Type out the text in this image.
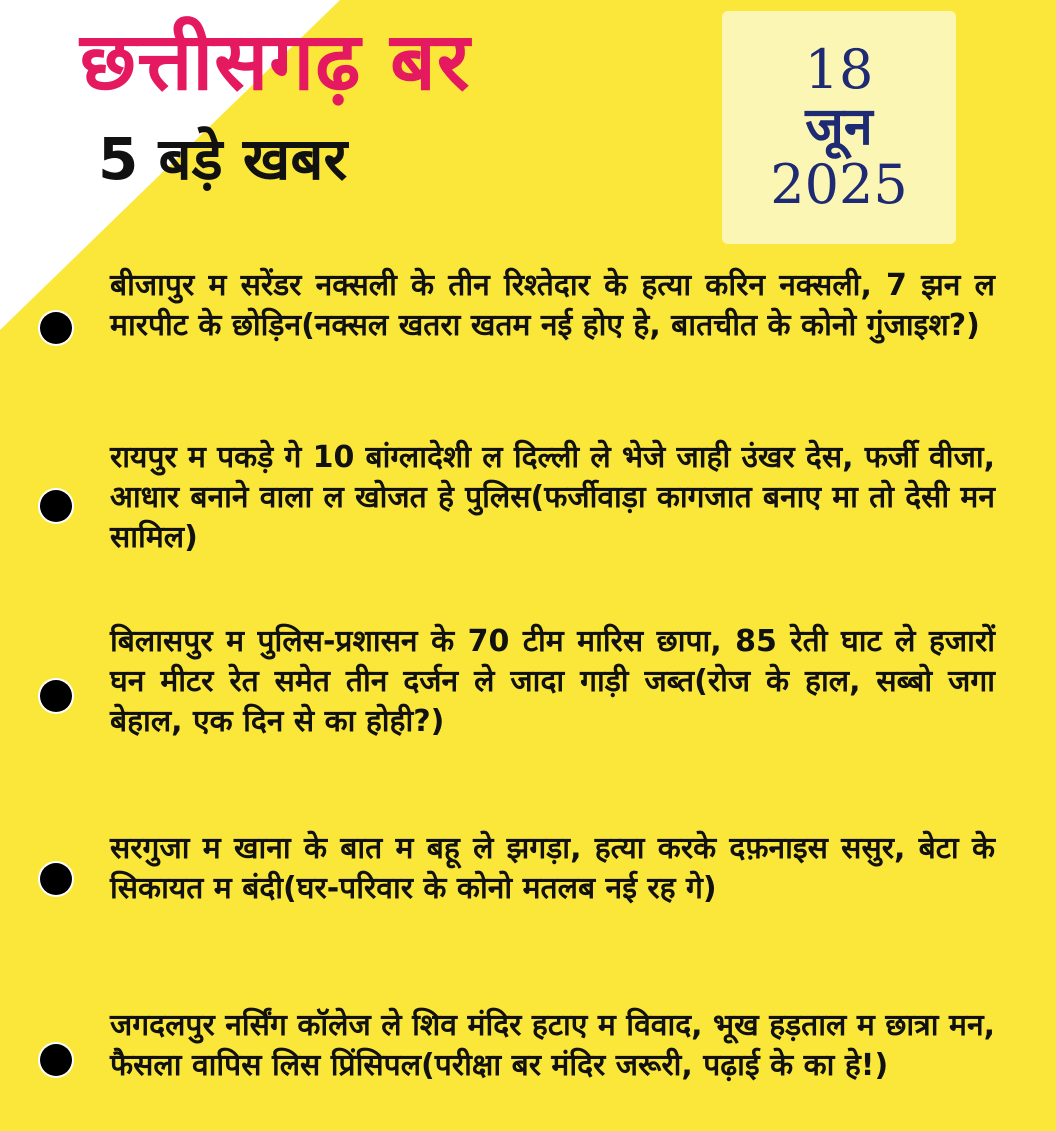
छत्तीसगढ़ बर
5 बड़े खबर
18
जून
2025
बीजापुर म सरेंडर नक्सली के तीन रिश्तेदार के हत्या करिन नक्सली, 7 झन ल मारपीट के छोड़िन(नक्सल खतरा खतम नई होए हे, बातचीत के कोनो गुंजाइश?)
रायपुर म पकड़े गे 10 बांग्लादेशी ल दिल्ली ले भेजे जाही उंखर देस, फर्जी वीजा, आधार बनाने वाला ल खोजत हे पुलिस(फर्जीवाड़ा कागजात बनाए मा तो देसी मन सामिल)
बिलासपुर म पुलिस-प्रशासन के 70 टीम मारिस छापा, 85 रेती घाट ले हजारों घन मीटर रेत समेत तीन दर्जन ले जादा गाड़ी जब्त(रोज के हाल, सब्बो जगा बेहाल, एक दिन से का होही?)
सरगुजा म खाना के बात म बहू ले झगड़ा, हत्या करके दफ़नाइस ससुर, बेटा के सिकायत म बंदी(घर-परिवार के कोनो मतलब नई रह गे)
जगदलपुर नर्सिंग कॉलेज ले शिव मंदिर हटाए म विवाद, भूख हड़ताल म छात्रा मन, फैसला वापिस लिस प्रिंसिपल(परीक्षा बर मंदिर जरूरी, पढ़ाई के का हे!)
